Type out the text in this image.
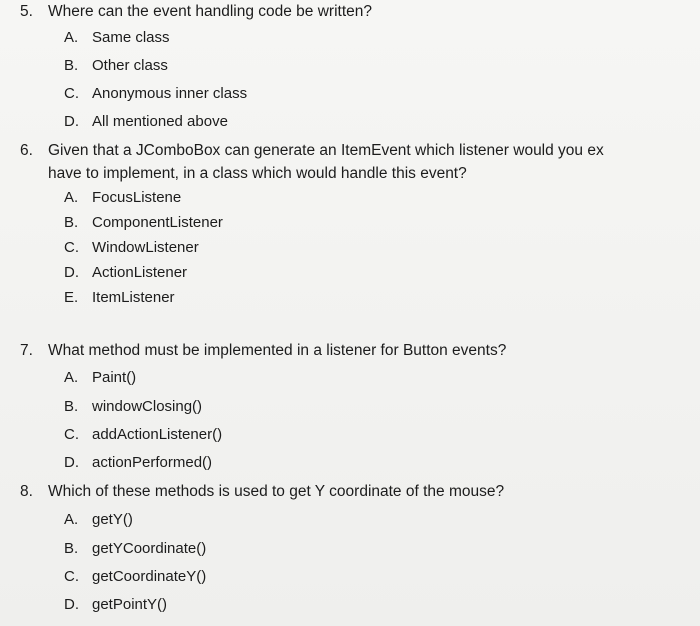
5. Where can the event handling code be written?
A. Same class
B. Other class
C. Anonymous inner class
D. All mentioned above
6. Given that a JComboBox can generate an ItemEvent which listener would you ex
have to implement, in a class which would handle this event?
A. FocusListene
B. ComponentListener
C. WindowListener
D. ActionListener
E. ItemListener
7. What method must be implemented in a listener for Button events?
A. Paint()
B. windowClosing()
C. addActionListener()
D. actionPerformed()
8. Which of these methods is used to get Y coordinate of the mouse?
A. getY()
B. getYCoordinate()
C. getCoordinateY()
D. getPointY()
